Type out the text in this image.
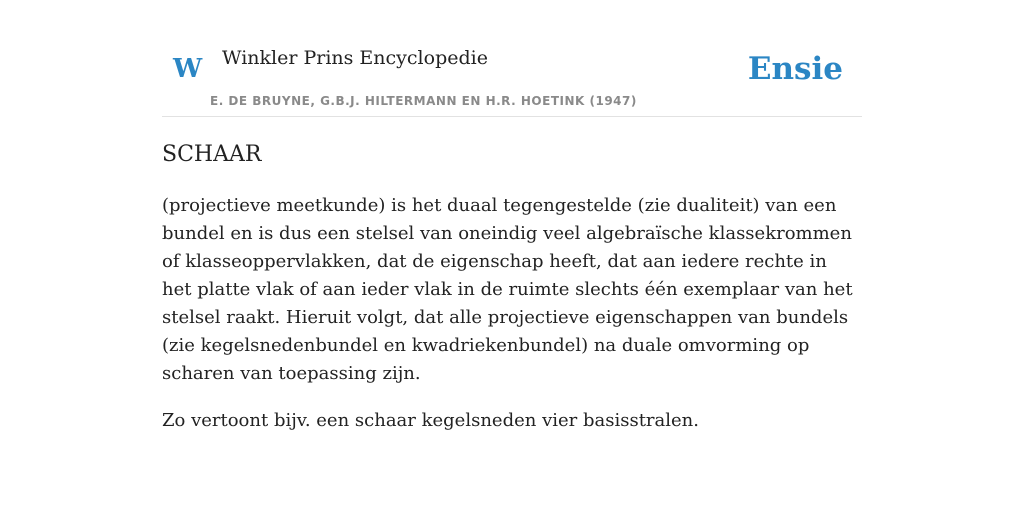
W Winkler Prins Encyclopedie
E. DE BRUYNE, G.B.J. HILTERMANN EN H.R. HOETINK (1947)
Ensie
SCHAAR

(projectieve meetkunde) is het duaal tegengestelde (zie dualiteit) van een bundel en is dus een stelsel van oneindig veel algebraïsche klassekrommen of klasseoppervlakken, dat de eigenschap heeft, dat aan iedere rechte in het platte vlak of aan ieder vlak in de ruimte slechts één exemplaar van het stelsel raakt. Hieruit volgt, dat alle projectieve eigenschappen van bundels (zie kegelsnedenbundel en kwadriekenbundel) na duale omvorming op scharen van toepassing zijn.

Zo vertoont bijv. een schaar kegelsneden vier basisstralen.
